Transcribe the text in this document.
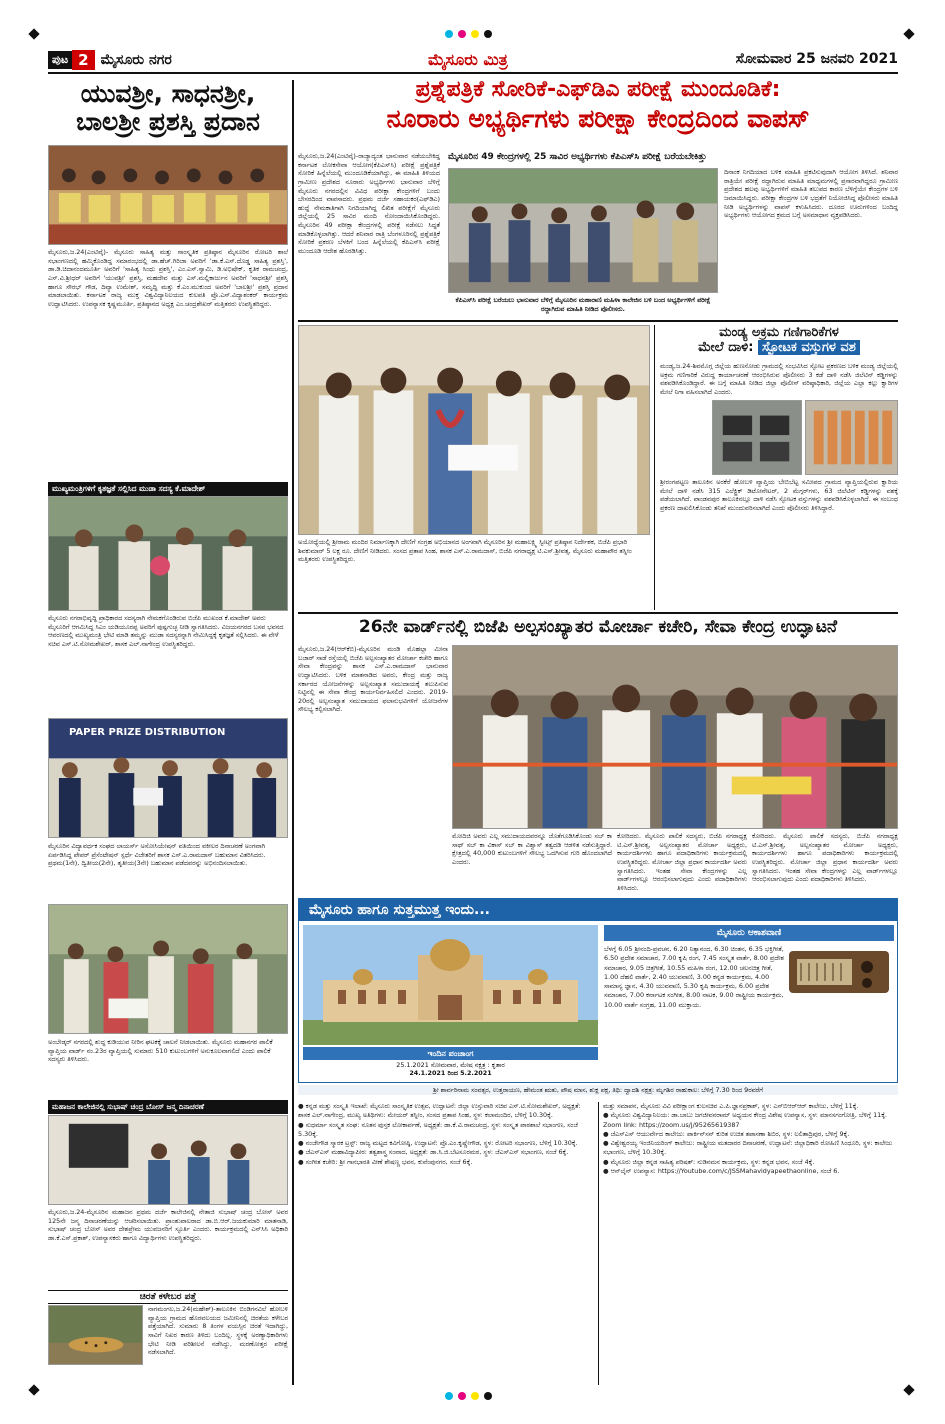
ಪುಟ 2 ಮೈಸೂರು ನಗರ	ಮೈಸೂರು ಮಿತ್ರ	ಸೋಮವಾರ 25 ಜನವರಿ 2021
ಯುವಶ್ರೀ, ಸಾಧನಶ್ರೀ,
ಬಾಲಶ್ರೀ ಪ್ರಶಸ್ತಿ ಪ್ರದಾನ
ಮೈಸೂರು,ಜ.24(ಎಂಟಿವೈ)- ಮೈಸೂರು ಸಾಹಿತ್ಯ ಮತ್ತು ಸಾಂಸ್ಕೃತಿಕ ಪ್ರತಿಷ್ಠಾನ ಮೈಸೂರಿನ ರೋಟರಿ ಶಾಲೆ ಸಭಾಂಗಣದಲ್ಲಿ ಹಮ್ಮಿಕೊಂಡಿದ್ದ ಸಮಾರಂಭದಲ್ಲಿ ಡಾ.ಹೆಚ್.ಗಿರಿಜಾ ಅವರಿಗೆ 'ಡಾ.ಕೆ.ಎಸ್.ದೊಡ್ಡ ಸಾಹಿತ್ಯ ಪ್ರಶಸ್ತಿ', ಡಾ.ಡಿ.ಚಿದಾನಂದಮೂರ್ತಿ ಅವರಿಗೆ 'ಸಾಹಿತ್ಯ ಸಿಂಧು ಪ್ರಶಸ್ತಿ', ಎಂ.ಎಸ್.ಸ್ವಾಮಿ, ಡಿ.ಅಭಿಷೇಕ್, ಕೃತಿಕ ರಾಮಚಂದ್ರ, ಎಸ್.ವಿ.ಶ್ರೀಧರ್ ಅವರಿಗೆ 'ಯುವಶ್ರೀ' ಪ್ರಶಸ್ತಿ, ಮಹದೇವ ಮತ್ತು ಎಸ್.ಮಲ್ಲಿಕಾರ್ಜುನ ಅವರಿಗೆ 'ಸಾಧನಶ್ರೀ' ಪ್ರಶಸ್ತಿ ಹಾಗೂ ಸೌರಭ್ ಗೌಡ, ದಿವ್ಯಾ ಉಮೇಶ್, ಸಮೃದ್ಧಿ ಮತ್ತು ಕೆ.ಎಂ.ಮುಕುಂದ ಅವರಿಗೆ 'ಬಾಲಶ್ರೀ' ಪ್ರಶಸ್ತಿ ಪ್ರದಾನ ಮಾಡಲಾಯಿತು. ಕರ್ನಾಟಕ ರಾಜ್ಯ ಮುಕ್ತ ವಿಶ್ವವಿದ್ಯಾನಿಲಯದ ಕುಲಪತಿ ಪ್ರೊ.ಎಸ್.ವಿದ್ಯಾಶಂಕರ್ ಕಾರ್ಯಕ್ರಮ ಉದ್ಘಾಟಿಸಿದರು. ಉಪನ್ಯಾಸಕ ಕೃಷ್ಣಮೂರ್ತಿ, ಪ್ರತಿಷ್ಠಾನದ ಅಧ್ಯಕ್ಷ ಎಂ.ಚಂದ್ರಶೇಖರ್ ಮತ್ತಿತರರು ಉಪಸ್ಥಿತರಿದ್ದರು.
ಮುಖ್ಯಮಂತ್ರಿಗಳಿಗೆ ಕೃತಜ್ಞತೆ ಸಲ್ಲಿಸಿದ ಮುಡಾ ಸದಸ್ಯ ಕೆ.ಮಾದೇಶ್
ಮೈಸೂರು ನಗರಾಭಿವೃದ್ಧಿ ಪ್ರಾಧಿಕಾರದ ಸದಸ್ಯರಾಗಿ ನೇಮಕಗೊಂಡಿರುವ ಬಿಜೆಪಿ ಮುಖಂಡ ಕೆ.ಮಾದೇಶ್ ಅವರು ಮೈಸೂರಿಗೆ ಆಗಮಿಸಿದ್ದ ಸಿಎಂ ಯಡಿಯೂರಪ್ಪ ಅವರಿಗೆ ಪುಷ್ಪಗುಚ್ಛ ನೀಡಿ ಸ್ವಾಗತಿಸಿದರು. ವಿಜಯನಗರದ ಬಸವ ಭವನದ ಆವರಣದಲ್ಲಿ ಮುಖ್ಯಮಂತ್ರಿ ಭೇಟಿ ಮಾಡಿ ತಮ್ಮನ್ನು ಮುಡಾ ಸದಸ್ಯರನ್ನಾಗಿ ನೇಮಿಸಿದ್ದಕ್ಕೆ ಕೃತಜ್ಞತೆ ಸಲ್ಲಿಸಿದರು. ಈ ವೇಳೆ ಸಚಿವ ಎಸ್.ಟಿ.ಸೋಮಶೇಖರ್, ಶಾಸಕ ಎಲ್.ನಾಗೇಂದ್ರ ಉಪಸ್ಥಿತರಿದ್ದರು.
PAPER PRIZE DISTRIBUTION
ಮೈಸೂರಿನ ವಿದ್ಯಾವರ್ಧಕ ಸಂಘದ ಲಾಯರ್ಸ್ ಅಸೋಸಿಯೇಷನ್ ವತಿಯಿಂದ ವಕೀಲರ ದಿನಾಚರಣೆ ಅಂಗವಾಗಿ ಏರ್ಪಡಿಸಿದ್ದ ಪೇಪರ್ ಪ್ರೆಸೆಂಟೇಷನ್ ಸ್ಪರ್ಧೆ ವಿಜೇತರಿಗೆ ಶಾಸಕ ಎಸ್.ಎ.ರಾಮದಾಸ್ ಬಹುಮಾನ ವಿತರಿಸಿದರು. ಪ್ರಥಮ(1ನೇ), ದ್ವಿತೀಯ(2ನೇ), ತೃತೀಯ(3ನೇ) ಬಹುಮಾನ ಪಡೆದವರನ್ನು ಅಭಿನಂದಿಸಲಾಯಿತು.
ಅಂಬೇಡ್ಕರ್ ನಗರದಲ್ಲಿ ಶುದ್ಧ ಕುಡಿಯುವ ನೀರಿನ ಘಟಕಕ್ಕೆ ಚಾಲನೆ ನೀಡಲಾಯಿತು. ಮೈಸೂರು ಮಹಾನಗರ ಪಾಲಿಕೆ ವ್ಯಾಪ್ತಿಯ ವಾರ್ಡ್ ನಂ.23ರ ವ್ಯಾಪ್ತಿಯಲ್ಲಿ ಸುಮಾರು 510 ಕುಟುಂಬಗಳಿಗೆ ಅನುಕೂಲವಾಗಲಿದೆ ಎಂದು ಪಾಲಿಕೆ ಸದಸ್ಯರು ತಿಳಿಸಿದರು.
ಮಹಾಜನ ಕಾಲೇಜಿನಲ್ಲಿ ಸುಭಾಷ್ ಚಂದ್ರ ಬೋಸ್ ಜನ್ಮ ದಿನಾಚರಣೆ
ಮೈಸೂರು,ಜ.24-ಮೈಸೂರಿನ ಮಹಾಜನ ಪ್ರಥಮ ದರ್ಜೆ ಕಾಲೇಜಿನಲ್ಲಿ ನೇತಾಜಿ ಸುಭಾಷ್ ಚಂದ್ರ ಬೋಸ್ ಅವರ 125ನೇ ಜನ್ಮ ದಿನಾಚರಣೆಯನ್ನು ಆಚರಿಸಲಾಯಿತು. ಪ್ರಾಂಶುಪಾಲರಾದ ಡಾ.ಬಿ.ಆರ್.ಜಯಕುಮಾರಿ ಮಾತನಾಡಿ, ಸುಭಾಷ್ ಚಂದ್ರ ಬೋಸ್ ಅವರ ದೇಶಪ್ರೇಮ ಯುವಜನರಿಗೆ ಸ್ಫೂರ್ತಿ ಎಂದರು. ಕಾರ್ಯಕ್ರಮದಲ್ಲಿ ಎನ್‌ಸಿಸಿ ಅಧಿಕಾರಿ ಡಾ.ಕೆ.ಎಸ್.ಪ್ರಕಾಶ್, ಉಪನ್ಯಾಸಕರು ಹಾಗೂ ವಿದ್ಯಾರ್ಥಿಗಳು ಉಪಸ್ಥಿತರಿದ್ದರು.
ಚಿರತೆ ಕಳೇಬರ ಪತ್ತೆ
ನಾಗಮಂಗಲ,ಜ.24(ಮಹೇಶ್)-ತಾಲೂಕಿನ ಬಿಂಡಿಗನವಿಲೆ ಹೋಬಳಿ ವ್ಯಾಪ್ತಿಯ ಗ್ರಾಮದ ಹೊರವಲಯದ ಜಮೀನಿನಲ್ಲಿ ಚಿರತೆಯ ಕಳೇಬರ ಪತ್ತೆಯಾಗಿದೆ. ಸುಮಾರು 8 ತಿಂಗಳ ವಯಸ್ಸಿನ ಚಿರತೆ ಇದಾಗಿದ್ದು, ಸಾವಿಗೆ ನಿಖರ ಕಾರಣ ತಿಳಿದು ಬಂದಿಲ್ಲ. ಸ್ಥಳಕ್ಕೆ ಅರಣ್ಯಾಧಿಕಾರಿಗಳು ಭೇಟಿ ನೀಡಿ ಪರಿಶೀಲನೆ ನಡೆಸಿದ್ದು, ಮರಣೋತ್ತರ ಪರೀಕ್ಷೆ ನಡೆಸಲಾಗಿದೆ.
ಪ್ರಶ್ನೆಪತ್ರಿಕೆ ಸೋರಿಕೆ-ಎಫ್‌ಡಿಎ ಪರೀಕ್ಷೆ ಮುಂದೂಡಿಕೆ:
ನೂರಾರು ಅಭ್ಯರ್ಥಿಗಳು ಪರೀಕ್ಷಾ ಕೇಂದ್ರದಿಂದ ವಾಪಸ್
ಮೈಸೂರು,ಜ.24(ಎಂಟಿವೈ)-ರಾಜ್ಯಾದ್ಯಂತ ಭಾನುವಾರ ನಡೆಯಬೇಕಿದ್ದ ಕರ್ನಾಟಕ ಲೋಕಸೇವಾ ಆಯೋಗ(ಕೆಪಿಎಸ್‌ಸಿ) ಪರೀಕ್ಷೆ ಪ್ರಶ್ನೆಪತ್ರಿಕೆ ಸೋರಿಕೆ ಹಿನ್ನೆಲೆಯಲ್ಲಿ ಮುಂದೂಡಿಕೆಯಾಗಿದ್ದು, ಈ ಮಾಹಿತಿ ತಿಳಿಯದ ಗ್ರಾಮೀಣ ಪ್ರದೇಶದ ನೂರಾರು ಅಭ್ಯರ್ಥಿಗಳು ಭಾನುವಾರ ಬೆಳಿಗ್ಗೆ ಮೈಸೂರು ನಗರದಲ್ಲಿನ ವಿವಿಧ ಪರೀಕ್ಷಾ ಕೇಂದ್ರಗಳಿಗೆ ಬಂದು ಬೇಸರದಿಂದ ವಾಪಸಾದರು. ಪ್ರಥಮ ದರ್ಜೆ ಸಹಾಯಕರ(ಎಫ್‌ಡಿಎ) ಹುದ್ದೆ ನೇಮಕಾತಿಗಾಗಿ ನಿಗದಿಯಾಗಿದ್ದ ಲಿಖಿತ ಪರೀಕ್ಷೆಗೆ ಮೈಸೂರು ಜಿಲ್ಲೆಯಲ್ಲಿ 25 ಸಾವಿರ ಮಂದಿ ನೋಂದಾಯಿಸಿಕೊಂಡಿದ್ದರು. ಮೈಸೂರಿನ 49 ಪರೀಕ್ಷಾ ಕೇಂದ್ರಗಳಲ್ಲಿ ಪರೀಕ್ಷೆ ನಡೆಸಲು ಸಿದ್ಧತೆ ಮಾಡಿಕೊಳ್ಳಲಾಗಿತ್ತು. ಆದರೆ ಶನಿವಾರ ರಾತ್ರಿ ಬೆಂಗಳೂರಿನಲ್ಲಿ ಪ್ರಶ್ನೆಪತ್ರಿಕೆ ಸೋರಿಕೆ ಪ್ರಕರಣ ಬೆಳಕಿಗೆ ಬಂದ ಹಿನ್ನೆಲೆಯಲ್ಲಿ ಕೆಪಿಎಸ್‌ಸಿ ಪರೀಕ್ಷೆ ಮುಂದೂಡಿ ಆದೇಶ ಹೊರಡಿಸಿತ್ತು.
ಮೈಸೂರಿನ 49 ಕೇಂದ್ರಗಳಲ್ಲಿ 25 ಸಾವಿರ ಅಭ್ಯರ್ಥಿಗಳು ಕೆಪಿಎಸ್‌ಸಿ ಪರೀಕ್ಷೆ ಬರೆಯಬೇಕಿತ್ತು
ಕೆಪಿಎಸ್‌ಸಿ ಪರೀಕ್ಷೆ ಬರೆಯಲು ಭಾನುವಾರ ಬೆಳಿಗ್ಗೆ ಮೈಸೂರಿನ ಮಹಾರಾಣಿ ಮಹಿಳಾ ಕಾಲೇಜಿನ ಬಳಿ ಬಂದ ಅಭ್ಯರ್ಥಿಗಳಿಗೆ ಪರೀಕ್ಷೆ ರದ್ದಾಗಿರುವ ಮಾಹಿತಿ ನೀಡಿದ ಪೊಲೀಸರು.
ದಿನಾಂಕ ನಿಗದಿಯಾದ ಬಳಿಕ ಮಾಹಿತಿ ಪ್ರಕಟಿಸುವುದಾಗಿ ಆಯೋಗ ತಿಳಿಸಿದೆ. ಶನಿವಾರ ರಾತ್ರಿಯೇ ಪರೀಕ್ಷೆ ರದ್ದಾಗಿರುವ ಮಾಹಿತಿ ಮಾಧ್ಯಮಗಳಲ್ಲಿ ಪ್ರಸಾರವಾಗಿದ್ದರೂ ಗ್ರಾಮೀಣ ಪ್ರದೇಶದ ಹಲವು ಅಭ್ಯರ್ಥಿಗಳಿಗೆ ಮಾಹಿತಿ ತಲುಪದ ಕಾರಣ ಬೆಳಿಗ್ಗೆಯೇ ಕೇಂದ್ರಗಳ ಬಳಿ ಜಮಾಯಿಸಿದ್ದರು. ಪರೀಕ್ಷಾ ಕೇಂದ್ರಗಳ ಬಳಿ ಭದ್ರತೆಗೆ ನಿಯೋಜಿಸಿದ್ದ ಪೊಲೀಸರು ಮಾಹಿತಿ ನೀಡಿ ಅಭ್ಯರ್ಥಿಗಳನ್ನು ವಾಪಸ್ ಕಳುಹಿಸಿದರು. ದೂರದ ಊರುಗಳಿಂದ ಬಂದಿದ್ದ ಅಭ್ಯರ್ಥಿಗಳು ಆಯೋಗದ ಕ್ರಮದ ಬಗ್ಗೆ ಅಸಮಾಧಾನ ವ್ಯಕ್ತಪಡಿಸಿದರು.
ಅಯೋಧ್ಯೆಯಲ್ಲಿ ಶ್ರೀರಾಮ ಮಂದಿರ ನಿರ್ಮಾಣಕ್ಕಾಗಿ ದೇಣಿಗೆ ಸಂಗ್ರಹ ಅಭಿಯಾನದ ಅಂಗವಾಗಿ ಮೈಸೂರಿನ ಶ್ರೀ ಮಹಾಲಕ್ಷ್ಮಿ ಸ್ವೀಟ್ಸ್ ಪ್ರತಿಷ್ಠಾನ ನಿರ್ದೇಶಕ, ಬಿಜೆಪಿ ಪ್ರಭಾರಿ ಶಿವಕುಮಾರ್ 5 ಲಕ್ಷ ರೂ. ದೇಣಿಗೆ ನೀಡಿದರು. ಸಂಸದ ಪ್ರತಾಪ ಸಿಂಹ, ಶಾಸಕ ಎಸ್.ಎ.ರಾಮದಾಸ್, ಬಿಜೆಪಿ ನಗರಾಧ್ಯಕ್ಷ ಟಿ.ಎಸ್.ಶ್ರೀವತ್ಸ, ಮೈಸೂರು ಮಹಾಪೌರ ತಸ್ನೀಂ ಮತ್ತಿತರರು ಉಪಸ್ಥಿತರಿದ್ದರು.
ಮಂಡ್ಯ ಅಕ್ರಮ ಗಣಿಗಾರಿಕೆಗಳ
ಮೇಲೆ ದಾಳಿ: ಸ್ಫೋಟಕ ವಸ್ತುಗಳ ವಶ
ಮಂಡ್ಯ,ಜ.24-ಶಿವಮೊಗ್ಗ ಜಿಲ್ಲೆಯ ಹುಣಸೋಡು ಗ್ರಾಮದಲ್ಲಿ ಸಂಭವಿಸಿದ ಸ್ಫೋಟ ಪ್ರಕರಣದ ಬಳಿಕ ಮಂಡ್ಯ ಜಿಲ್ಲೆಯಲ್ಲಿ ಅಕ್ರಮ ಗಣಿಗಾರಿಕೆ ವಿರುದ್ಧ ಕಾರ್ಯಾಚರಣೆ ಆರಂಭಿಸಿರುವ ಪೊಲೀಸರು 3 ಕಡೆ ದಾಳಿ ನಡೆಸಿ ಜಿಲೆಟಿನ್ ಕಡ್ಡಿಗಳನ್ನು ವಶಪಡಿಸಿಕೊಂಡಿದ್ದಾರೆ. ಈ ಬಗ್ಗೆ ಮಾಹಿತಿ ನೀಡಿದ ಜಿಲ್ಲಾ ಪೊಲೀಸ್ ವರಿಷ್ಠಾಧಿಕಾರಿ, ಜಿಲ್ಲೆಯ ಎಲ್ಲಾ ಕಲ್ಲು ಕ್ವಾರಿಗಳ ಮೇಲೆ ನಿಗಾ ವಹಿಸಲಾಗಿದೆ ಎಂದರು.
ಶ್ರೀರಂಗಪಟ್ಟಣ ತಾಲೂಕಿನ ಅರಕೆರೆ ಹೋಬಳಿ ವ್ಯಾಪ್ತಿಯ ಬೇಬಿಬೆಟ್ಟ ಸಮೀಪದ ಗ್ರಾಮದ ವ್ಯಾಪ್ತಿಯಲ್ಲಿರುವ ಕ್ವಾರಿಯ ಮೇಲೆ ದಾಳಿ ನಡೆಸಿ 315 ಎಲೆಕ್ಟ್ರಿಕ್ ಡಿಟೋನೇಟರ್, 2 ಮೆಗ್ಗರ್‌ಗಳು, 63 ಜಿಲೆಟಿನ್ ಕಡ್ಡಿಗಳನ್ನು ವಶಕ್ಕೆ ಪಡೆಯಲಾಗಿದೆ. ಪಾಂಡವಪುರ ತಾಲೂಕಿನಲ್ಲೂ ದಾಳಿ ನಡೆಸಿ ಸ್ಫೋಟಕ ವಸ್ತುಗಳನ್ನು ವಶಪಡಿಸಿಕೊಳ್ಳಲಾಗಿದೆ. ಈ ಸಂಬಂಧ ಪ್ರಕರಣ ದಾಖಲಿಸಿಕೊಂಡು ತನಿಖೆ ಮುಂದುವರಿಸಲಾಗಿದೆ ಎಂದು ಪೊಲೀಸರು ತಿಳಿಸಿದ್ದಾರೆ.
26ನೇ ವಾರ್ಡ್‌ನಲ್ಲಿ ಬಿಜೆಪಿ ಅಲ್ಪಸಂಖ್ಯಾತರ ಮೋರ್ಚಾ ಕಚೇರಿ, ಸೇವಾ ಕೇಂದ್ರ ಉದ್ಘಾಟನೆ
ಮೈಸೂರು,ಜ.24(ಆರ್‌ಕೆಬಿ)-ಮೈಸೂರಿನ ಮಂಡಿ ಮೊಹಲ್ಲಾ ಮೀನಾ ಬಜಾರ್ ಸಾಡೆ ರಸ್ತೆಯಲ್ಲಿ ಬಿಜೆಪಿ ಅಲ್ಪಸಂಖ್ಯಾತರ ಮೋರ್ಚಾ ಕಚೇರಿ ಹಾಗೂ ಸೇವಾ ಕೇಂದ್ರವನ್ನು ಶಾಸಕ ಎಸ್.ಎ.ರಾಮದಾಸ್ ಭಾನುವಾರ ಉದ್ಘಾಟಿಸಿದರು. ಬಳಿಕ ಮಾತನಾಡಿದ ಅವರು, ಕೇಂದ್ರ ಮತ್ತು ರಾಜ್ಯ ಸರ್ಕಾರದ ಯೋಜನೆಗಳನ್ನು ಅಲ್ಪಸಂಖ್ಯಾತ ಸಮುದಾಯಕ್ಕೆ ತಲುಪಿಸುವ ನಿಟ್ಟಿನಲ್ಲಿ ಈ ಸೇವಾ ಕೇಂದ್ರ ಕಾರ್ಯನಿರ್ವಹಿಸಲಿದೆ ಎಂದರು. 2019-20ರಲ್ಲಿ ಅಲ್ಪಸಂಖ್ಯಾತ ಸಮುದಾಯದ ಫಲಾನುಭವಿಗಳಿಗೆ ಯೋಜನೆಗಳ ಸೌಲಭ್ಯ ಕಲ್ಪಿಸಲಾಗಿದೆ.
ಮೋದಿಜಿ ಅವರು ಎಲ್ಲ ಸಮುದಾಯದವರನ್ನೂ ಜೊತೆಗೂಡಿಸಿಕೊಂಡು ಸಬ್ ಕಾ ಸಾಥ್ ಸಬ್ ಕಾ ವಿಕಾಸ್ ಸಬ್ ಕಾ ವಿಶ್ವಾಸ್ ತತ್ವದಡಿ ಆಡಳಿತ ನಡೆಸುತ್ತಿದ್ದಾರೆ. ಕ್ಷೇತ್ರದಲ್ಲಿ 40,000 ಕುಟುಂಬಗಳಿಗೆ ಸೌಲಭ್ಯ ಒದಗಿಸುವ ಗುರಿ ಹೊಂದಲಾಗಿದೆ ಎಂದರು.
ಕೋರಿದರು. ಮೈಸೂರು ಪಾಲಿಕೆ ಸದಸ್ಯರು, ಬಿಜೆಪಿ ನಗರಾಧ್ಯಕ್ಷ ಟಿ.ಎಸ್.ಶ್ರೀವತ್ಸ, ಅಲ್ಪಸಂಖ್ಯಾತರ ಮೋರ್ಚಾ ಅಧ್ಯಕ್ಷರು, ಕಾರ್ಯದರ್ಶಿಗಳು ಹಾಗೂ ಪದಾಧಿಕಾರಿಗಳು ಕಾರ್ಯಕ್ರಮದಲ್ಲಿ ಉಪಸ್ಥಿತರಿದ್ದರು. ಮೋರ್ಚಾ ಜಿಲ್ಲಾ ಪ್ರಧಾನ ಕಾರ್ಯದರ್ಶಿ ಅವರು ಸ್ವಾಗತಿಸಿದರು. ಇಂತಹ ಸೇವಾ ಕೇಂದ್ರಗಳನ್ನು ಎಲ್ಲ ವಾರ್ಡ್‌ಗಳಲ್ಲೂ ಆರಂಭಿಸಲಾಗುವುದು ಎಂದು ಪದಾಧಿಕಾರಿಗಳು ತಿಳಿಸಿದರು.
ಕೋರಿದರು. ಮೈಸೂರು ಪಾಲಿಕೆ ಸದಸ್ಯರು, ಬಿಜೆಪಿ ನಗರಾಧ್ಯಕ್ಷ ಟಿ.ಎಸ್.ಶ್ರೀವತ್ಸ, ಅಲ್ಪಸಂಖ್ಯಾತರ ಮೋರ್ಚಾ ಅಧ್ಯಕ್ಷರು, ಕಾರ್ಯದರ್ಶಿಗಳು ಹಾಗೂ ಪದಾಧಿಕಾರಿಗಳು ಕಾರ್ಯಕ್ರಮದಲ್ಲಿ ಉಪಸ್ಥಿತರಿದ್ದರು. ಮೋರ್ಚಾ ಜಿಲ್ಲಾ ಪ್ರಧಾನ ಕಾರ್ಯದರ್ಶಿ ಅವರು ಸ್ವಾಗತಿಸಿದರು. ಇಂತಹ ಸೇವಾ ಕೇಂದ್ರಗಳನ್ನು ಎಲ್ಲ ವಾರ್ಡ್‌ಗಳಲ್ಲೂ ಆರಂಭಿಸಲಾಗುವುದು ಎಂದು ಪದಾಧಿಕಾರಿಗಳು ತಿಳಿಸಿದರು.
ಮೈಸೂರು ಹಾಗೂ ಸುತ್ತಮುತ್ತ ಇಂದು...
ಇಂದಿನ ಪಂಚಾಂಗ
25.1.2021 ಸೋಮವಾರ, ಮೇಷ ನಕ್ಷತ್ರ : ಕೃತಾರ
24.1.2021 ರಿಂದ 5.2.2021
ಮೈಸೂರು ಆಕಾಶವಾಣಿ
ಬೆಳಗ್ಗೆ 6.05 ಶ್ರೀನಂದಿ-ಪ್ರವಚನ, 6.20 ನಿತ್ಯಾನಂದ, 6.30 ಚಿಂತನ, 6.35 ಭಕ್ತಿಗೀತೆ, 6.50 ಪ್ರದೇಶ ಸಮಾಚಾರ, 7.00 ಕೃಷಿ ರಂಗ, 7.45 ಸಂಸ್ಕೃತ ವಾರ್ತೆ, 8.00 ಪ್ರದೇಶ ಸಮಾಚಾರ, 9.05 ಚಿತ್ರಗೀತೆ, 10.55 ಮಹಿಳಾ ರಂಗ, 12.00 ಚಲನಚಿತ್ರ ಗೀತೆ, 1.00 ದೆಹಲಿ ವಾರ್ತೆ, 2.40 ಯುವವಾಣಿ, 3.00 ಕನ್ನಡ ಕಾರ್ಯಕ್ರಮ, 4.00 ಸಾಮಾನ್ಯ ಜ್ಞಾನ, 4.30 ಯುವವಾಣಿ, 5.30 ಕೃಷಿ ಕಾರ್ಯಕ್ರಮ, 6.00 ಪ್ರದೇಶ ಸಮಾಚಾರ, 7.00 ಕರ್ನಾಟಕ ಸಂಗೀತ, 8.00 ನಾಟಕ, 9.00 ರಾಷ್ಟ್ರೀಯ ಕಾರ್ಯಕ್ರಮ, 10.00 ವಾರ್ತೆ ಸಂಗ್ರಹ, 11.00 ಮುಕ್ತಾಯ.
ಶ್ರೀ ಶಾರ್ವರಿನಾಮ ಸಂವತ್ಸರ, ಉತ್ತರಾಯಣ, ಹೇಮಂತ ಋತು, ಪೌಷ ಮಾಸ, ಶುಕ್ಲ ಪಕ್ಷ, ತಿಥಿ: ದ್ವಾದಶಿ ನಕ್ಷತ್ರ: ಮೃಗಶಿರ ರಾಹುಕಾಲ: ಬೆಳಿಗ್ಗೆ 7.30 ರಿಂದ 9ರವರೆಗೆ
● ಕನ್ನಡ ಮತ್ತು ಸಂಸ್ಕೃತಿ ಇಲಾಖೆ: ಮೈಸೂರು ಸಾಂಸ್ಕೃತಿಕ ಉತ್ಸವ, ಉದ್ಘಾಟನೆ: ಜಿಲ್ಲಾ ಉಸ್ತುವಾರಿ ಸಚಿವ ಎಸ್.ಟಿ.ಸೋಮಶೇಖರ್, ಅಧ್ಯಕ್ಷತೆ: ಶಾಸಕ ಎಲ್.ನಾಗೇಂದ್ರ, ಮುಖ್ಯ ಅತಿಥಿಗಳು: ಮೇಯರ್ ತಸ್ನೀಂ, ಸಂಸದ ಪ್ರತಾಪ ಸಿಂಹ, ಸ್ಥಳ: ಕಲಾಮಂದಿರ, ಬೆಳಿಗ್ಗೆ 10.30ಕ್ಕೆ.
● ಸುಧರ್ಮಾ ಸಂಸ್ಕೃತ ಸಂಘ: ನೂತನ ಪುಸ್ತಕ ಲೋಕಾರ್ಪಣೆ, ಅಧ್ಯಕ್ಷತೆ: ಡಾ.ಕೆ.ವಿ.ರಾಮಚಂದ್ರ, ಸ್ಥಳ: ಸಂಸ್ಕೃತ ಪಾಠಶಾಲೆ ಸಭಾಂಗಣ, ಸಂಜೆ 5.30ಕ್ಕೆ.
● ನಂಜೇಗೌಡ ಸ್ಮಾರಕ ಟ್ರಸ್ಟ್: ರಾಜ್ಯ ಮಟ್ಟದ ಕವಿಗೋಷ್ಠಿ, ಉದ್ಘಾಟನೆ: ಪ್ರೊ.ಎಂ.ಕೃಷ್ಣೇಗೌಡ, ಸ್ಥಳ: ರೋಟರಿ ಸಭಾಂಗಣ, ಬೆಳಿಗ್ಗೆ 10.30ಕ್ಕೆ.
● ಜೆಎಸ್‌ಎಸ್ ಮಹಾವಿದ್ಯಾಪೀಠ: ತತ್ವಶಾಸ್ತ್ರ ಸಂವಾದ, ಅಧ್ಯಕ್ಷತೆ: ಡಾ.ಸಿ.ಜಿ.ಬೆಟಸೂರಮಠ, ಸ್ಥಳ: ಜೆಎಸ್‌ಎಸ್ ಸಭಾಂಗಣ, ಸಂಜೆ 6ಕ್ಕೆ.
● ಸಂಗೀತ ಕಚೇರಿ: ಶ್ರೀ ಗಾನಭಾರತಿ ವೀಣೆ ಶೇಷಣ್ಣ ಭವನ, ಕುವೆಂಪುನಗರ, ಸಂಜೆ 6ಕ್ಕೆ.
ಮತ್ತು ಸಮಾಪನ, ಮೈಸೂರು ವಿವಿ ಪರೀಕ್ಷಾಂಗ ಕುಲಸಚಿವ ಎ.ಪಿ.ಜ್ಞಾನಪ್ರಕಾಶ್, ಸ್ಥಳ: ಎಸ್‌ಬಿಆರ್‌ಆರ್ ಕಾಲೇಜು, ಬೆಳಿಗ್ಗೆ 11ಕ್ಕೆ.
● ಮೈಸೂರು ವಿಶ್ವವಿದ್ಯಾನಿಲಯ: ಡಾ.ಬಾಬು ಜಗಜೀವನರಾಮ್ ಅಧ್ಯಯನ ಕೇಂದ್ರ ವಿಶೇಷ ಉಪನ್ಯಾಸ, ಸ್ಥಳ: ಮಾನಸಗಂಗೋತ್ರಿ, ಬೆಳಿಗ್ಗೆ 11ಕ್ಕೆ. Zoom link: https://zoom.us/j/95265619387
● ಜೆಎಸ್‌ಎಸ್ ಆಯುರ್ವೇದ ಕಾಲೇಜು: ಪಾರ್ಕಿನ್‌ಸನ್ ಕುರಿತ ಉಚಿತ ತಪಾಸಣಾ ಶಿಬಿರ, ಸ್ಥಳ: ಲಲಿತಾದ್ರಿಪುರ, ಬೆಳಿಗ್ಗೆ 9ಕ್ಕೆ.
● ವಿಶ್ವೇಶ್ವರಯ್ಯ ಇಂಜಿನಿಯರಿಂಗ್ ಕಾಲೇಜು: ರಾಷ್ಟ್ರೀಯ ಮತದಾರರ ದಿನಾಚರಣೆ, ಉದ್ಘಾಟನೆ: ಜಿಲ್ಲಾಧಿಕಾರಿ ರೋಹಿಣಿ ಸಿಂಧೂರಿ, ಸ್ಥಳ: ಕಾಲೇಜು ಸಭಾಂಗಣ, ಬೆಳಿಗ್ಗೆ 10.30ಕ್ಕೆ.
● ಮೈಸೂರು ಜಿಲ್ಲಾ ಕನ್ನಡ ಸಾಹಿತ್ಯ ಪರಿಷತ್: ನುಡಿನಮನ ಕಾರ್ಯಕ್ರಮ, ಸ್ಥಳ: ಕನ್ನಡ ಭವನ, ಸಂಜೆ 4ಕ್ಕೆ.
● ಆನ್‌ಲೈನ್ ಉಪನ್ಯಾಸ: https://Youtube.com/c/JSSMahavidyapeethaonline, ಸಂಜೆ 6.
